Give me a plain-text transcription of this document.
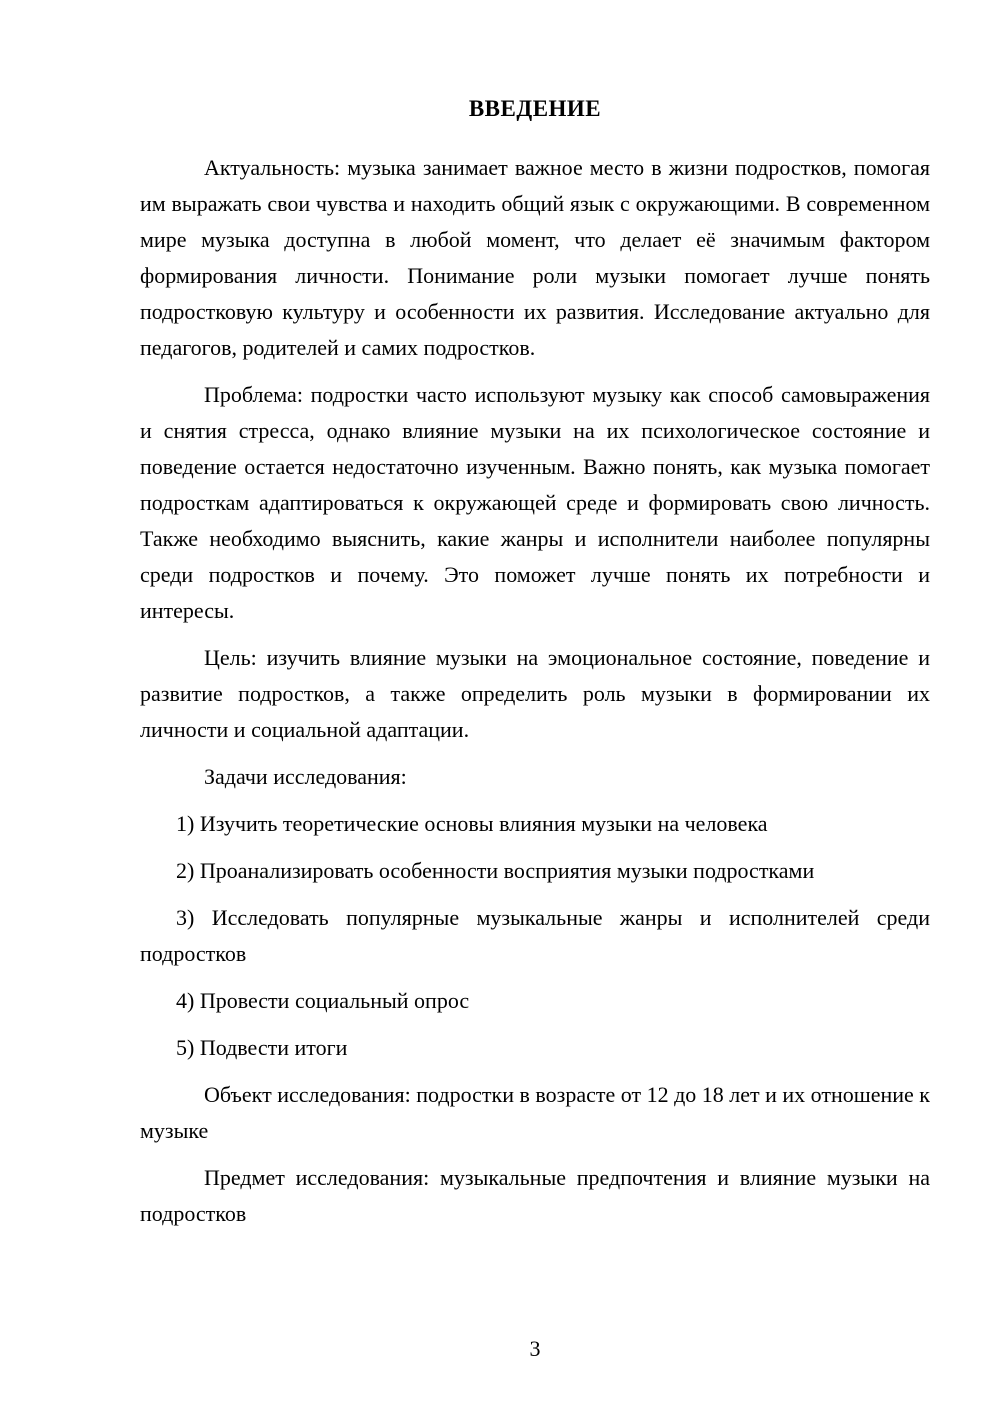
ВВЕДЕНИЕ

Актуальность: музыка занимает важное место в жизни подростков, помогая им выражать свои чувства и находить общий язык с окружающими. В современном мире музыка доступна в любой момент, что делает её значимым фактором формирования личности. Понимание роли музыки помогает лучше понять подростковую культуру и особенности их развития. Исследование актуально для педагогов, родителей и самих подростков.

Проблема: подростки часто используют музыку как способ самовыражения и снятия стресса, однако влияние музыки на их психологическое состояние и поведение остается недостаточно изученным. Важно понять, как музыка помогает подросткам адаптироваться к окружающей среде и формировать свою личность. Также необходимо выяснить, какие жанры и исполнители наиболее популярны среди подростков и почему. Это поможет лучше понять их потребности и интересы.

Цель: изучить влияние музыки на эмоциональное состояние, поведение и развитие подростков, а также определить роль музыки в формировании их личности и социальной адаптации.

Задачи исследования:

1) Изучить теоретические основы влияния музыки на человека

2) Проанализировать особенности восприятия музыки подростками

3) Исследовать популярные музыкальные жанры и исполнителей среди подростков

4) Провести социальный опрос

5) Подвести итоги

Объект исследования: подростки в возрасте от 12 до 18 лет и их отношение к музыке

Предмет исследования: музыкальные предпочтения и влияние музыки на подростков

3
